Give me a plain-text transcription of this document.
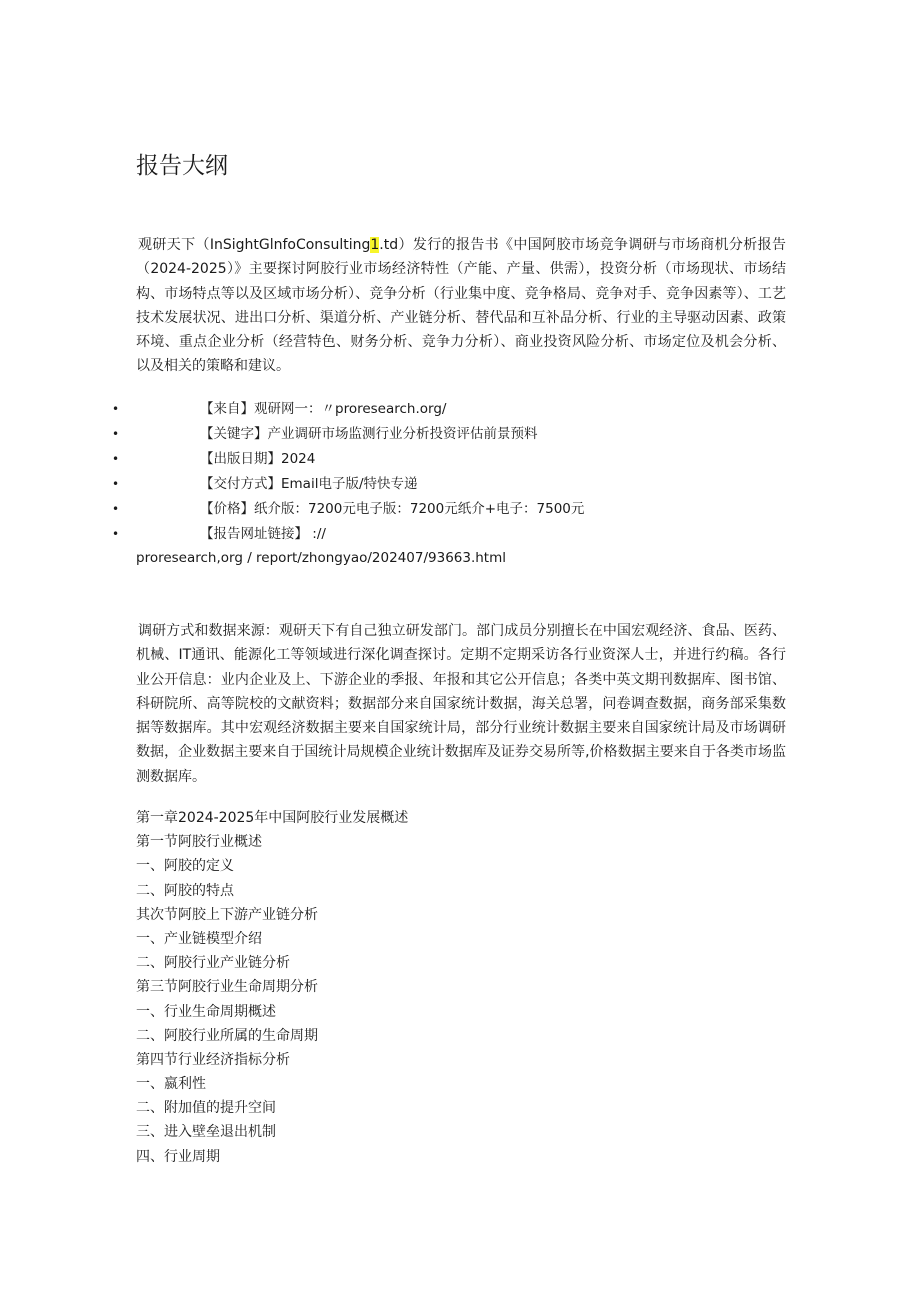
报告大纲

观研天下（InSightGlnfoConsulting1.td）发行的报告书《中国阿胶市场竞争调研与市场商机分析报告（2024-2025）》主要探讨阿胶行业市场经济特性（产能、产量、供需），投资分析（市场现状、市场结构、市场特点等以及区域市场分析）、竞争分析（行业集中度、竞争格局、竞争对手、竞争因素等）、工艺技术发展状况、进出口分析、渠道分析、产业链分析、替代品和互补品分析、行业的主导驱动因素、政策环境、重点企业分析（经营特色、财务分析、竞争力分析）、商业投资风险分析、市场定位及机会分析、以及相关的策略和建议。

•	【来自】观研网一：〃proresearch.org/
•	【关键字】产业调研市场监测行业分析投资评估前景预料
•	【出版日期】2024
•	【交付方式】Email电子版/特快专递
•	【价格】纸介版：7200元电子版：7200元纸介+电子：7500元
•	【报告网址链接】 ://
proresearch,org / report/zhongyao/202407/93663.html

调研方式和数据来源：观研天下有自己独立研发部门。部门成员分别擅长在中国宏观经济、食品、医药、机械、IT通讯、能源化工等领域进行深化调查探讨。定期不定期采访各行业资深人士，并进行约稿。各行业公开信息：业内企业及上、下游企业的季报、年报和其它公开信息；各类中英文期刊数据库、图书馆、科研院所、高等院校的文献资料；数据部分来自国家统计数据，海关总署，问卷调查数据，商务部采集数据等数据库。其中宏观经济数据主要来自国家统计局，部分行业统计数据主要来自国家统计局及市场调研数据，企业数据主要来自于国统计局规模企业统计数据库及证券交易所等,价格数据主要来自于各类市场监测数据库。

第一章2024-2025年中国阿胶行业发展概述
第一节阿胶行业概述
一、阿胶的定义
二、阿胶的特点
其次节阿胶上下游产业链分析
一、产业链模型介绍
二、阿胶行业产业链分析
第三节阿胶行业生命周期分析
一、行业生命周期概述
二、阿胶行业所属的生命周期
第四节行业经济指标分析
一、嬴利性
二、附加值的提升空间
三、进入壁垒退出机制
四、行业周期
